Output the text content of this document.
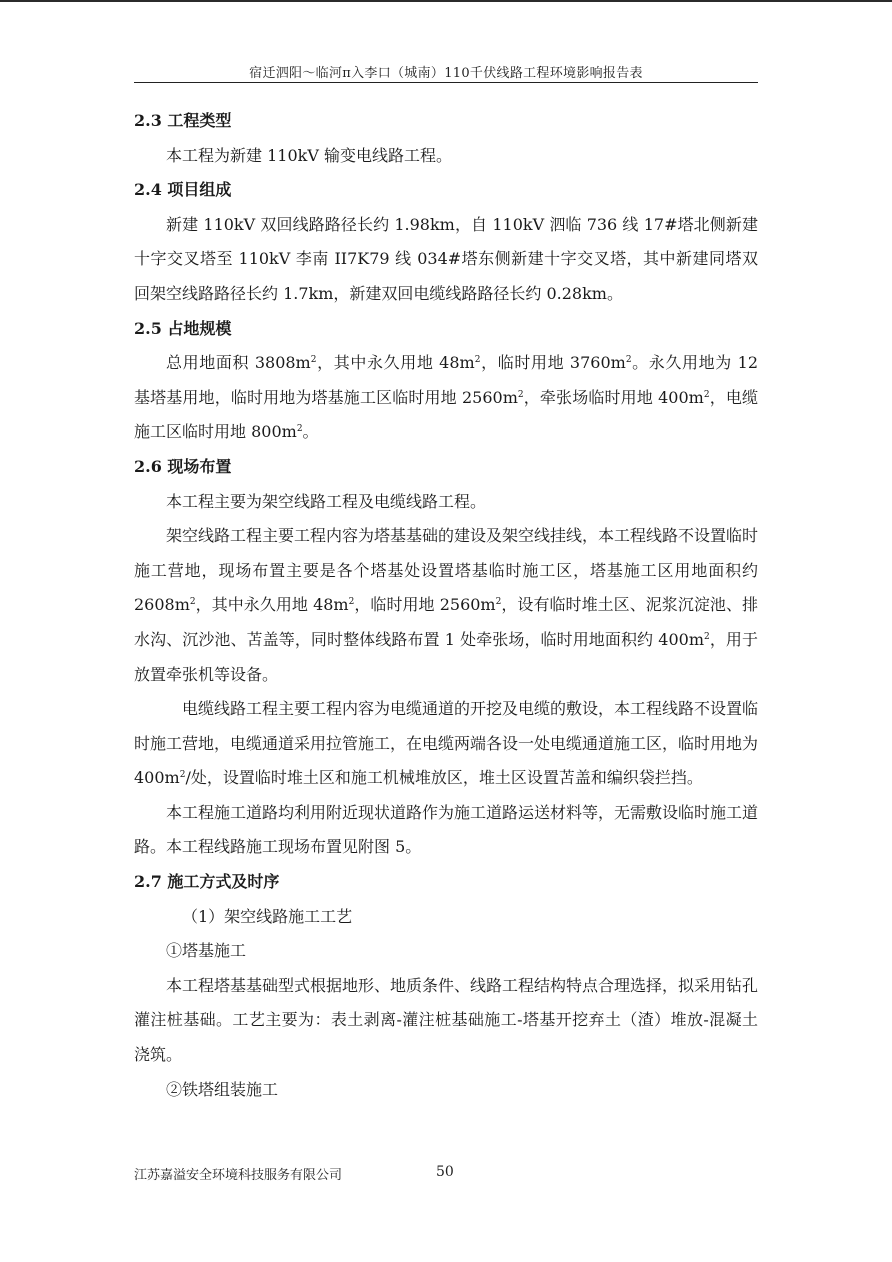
宿迁泗阳～临河π入李口（城南）110千伏线路工程环境影响报告表

2.3 工程类型

本工程为新建 110kV 输变电线路工程。

2.4 项目组成

新建 110kV 双回线路路径长约 1.98km，自 110kV 泗临 736 线 17#塔北侧新建十字交叉塔至 110kV 李南 II7K79 线 034#塔东侧新建十字交叉塔，其中新建同塔双回架空线路路径长约 1.7km，新建双回电缆线路路径长约 0.28km。

2.5 占地规模

总用地面积 $3808m^2$，其中永久用地 $48m^2$，临时用地 $3760m^2$。永久用地为 12 基塔基用地，临时用地为塔基施工区临时用地 $2560m^2$，牵张场临时用地 $400m^2$，电缆施工区临时用地 $800m^2$。

2.6 现场布置

本工程主要为架空线路工程及电缆线路工程。

架空线路工程主要工程内容为塔基基础的建设及架空线挂线，本工程线路不设置临时施工营地，现场布置主要是各个塔基处设置塔基临时施工区，塔基施工区用地面积约 $2608m^2$，其中永久用地 $48m^2$，临时用地 $2560m^2$，设有临时堆土区、泥浆沉淀池、排水沟、沉沙池、苫盖等，同时整体线路布置 1 处牵张场，临时用地面积约 $400m^2$，用于放置牵张机等设备。

电缆线路工程主要工程内容为电缆通道的开挖及电缆的敷设，本工程线路不设置临时施工营地，电缆通道采用拉管施工，在电缆两端各设一处电缆通道施工区，临时用地为 $400m^2/$处，设置临时堆土区和施工机械堆放区，堆土区设置苫盖和编织袋拦挡。

本工程施工道路均利用附近现状道路作为施工道路运送材料等，无需敷设临时施工道路。本工程线路施工现场布置见附图 5。

2.7 施工方式及时序

（1）架空线路施工工艺

①塔基施工

本工程塔基基础型式根据地形、地质条件、线路工程结构特点合理选择，拟采用钻孔灌注桩基础。工艺主要为：表土剥离-灌注桩基础施工-塔基开挖弃土（渣）堆放-混凝土浇筑。

②铁塔组装施工

江苏嘉溢安全环境科技服务有限公司	50
